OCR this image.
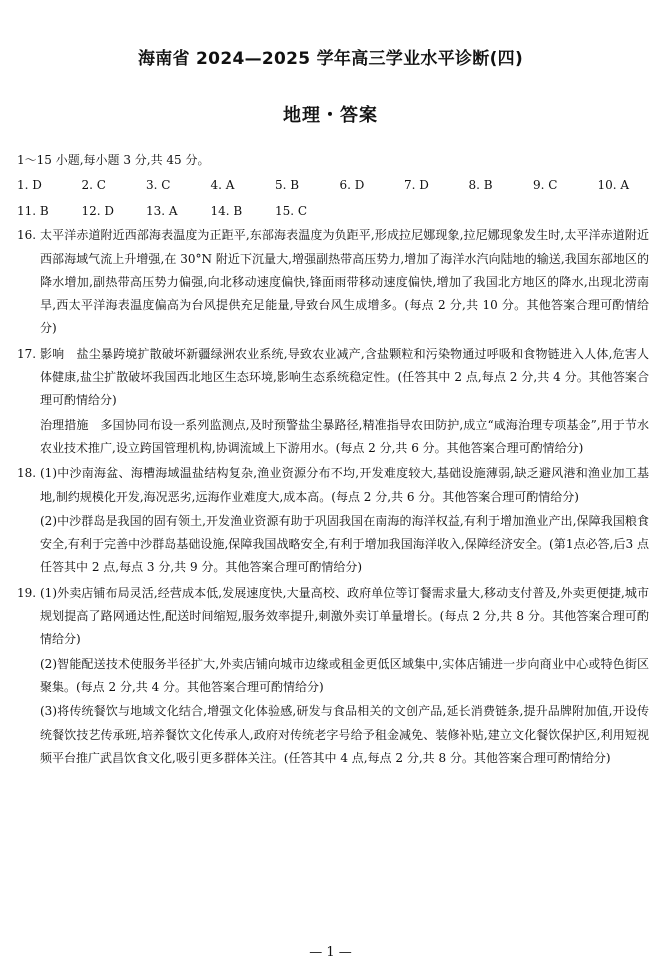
海南省 2024—2025 学年高三学业水平诊断(四)
地理・答案

1～15 小题,每小题 3 分,共 45 分。

1. D	2. C	3. C	4. A	5. B	6. D	7. D	8. B	9. C	10. A
11. B	12. D	13. A	14. B	15. C
16. 太平洋赤道附近西部海表温度为正距平,东部海表温度为负距平,形成拉尼娜现象,拉尼娜现象发生时,太平洋赤道附近西部海域气流上升增强,在 30°N 附近下沉量大,增强副热带高压势力,增加了海洋水汽向陆地的输送,我国东部地区的降水增加,副热带高压势力偏强,向北移动速度偏快,锋面雨带移动速度偏快,增加了我国北方地区的降水,出现北涝南旱,西太平洋海表温度偏高为台风提供充足能量,导致台风生成增多。(每点 2 分,共 10 分。其他答案合理可酌情给分)

17. 影响　盐尘暴跨境扩散破坏新疆绿洲农业系统,导致农业减产,含盐颗粒和污染物通过呼吸和食物链进入人体,危害人体健康,盐尘扩散破坏我国西北地区生态环境,影响生态系统稳定性。(任答其中 2 点,每点 2 分,共 4 分。其他答案合理可酌情给分)

治理措施　多国协同布设一系列监测点,及时预警盐尘暴路径,精准指导农田防护,成立“咸海治理专项基金”,用于节水农业技术推广,设立跨国管理机构,协调流域上下游用水。(每点 2 分,共 6 分。其他答案合理可酌情给分)

18. (1)中沙南海盆、海槽海域温盐结构复杂,渔业资源分布不均,开发难度较大,基础设施薄弱,缺乏避风港和渔业加工基地,制约规模化开发,海况恶劣,远海作业难度大,成本高。(每点 2 分,共 6 分。其他答案合理可酌情给分)

(2)中沙群岛是我国的固有领土,开发渔业资源有助于巩固我国在南海的海洋权益,有利于增加渔业产出,保障我国粮食安全,有利于完善中沙群岛基础设施,保障我国战略安全,有利于增加我国海洋收入,保障经济安全。(第1点必答,后3 点任答其中 2 点,每点 3 分,共 9 分。其他答案合理可酌情给分)

19. (1)外卖店铺布局灵活,经营成本低,发展速度快,大量高校、政府单位等订餐需求量大,移动支付普及,外卖更便捷,城市规划提高了路网通达性,配送时间缩短,服务效率提升,刺激外卖订单量增长。(每点 2 分,共 8 分。其他答案合理可酌情给分)

(2)智能配送技术使服务半径扩大,外卖店铺向城市边缘或租金更低区域集中,实体店铺进一步向商业中心或特色街区聚集。(每点 2 分,共 4 分。其他答案合理可酌情给分)

(3)将传统餐饮与地域文化结合,增强文化体验感,研发与食品相关的文创产品,延长消费链条,提升品牌附加值,开设传统餐饮技艺传承班,培养餐饮文化传承人,政府对传统老字号给予租金减免、装修补贴,建立文化餐饮保护区,利用短视频平台推广武昌饮食文化,吸引更多群体关注。(任答其中 4 点,每点 2 分,共 8 分。其他答案合理可酌情给分)

— 1 —
